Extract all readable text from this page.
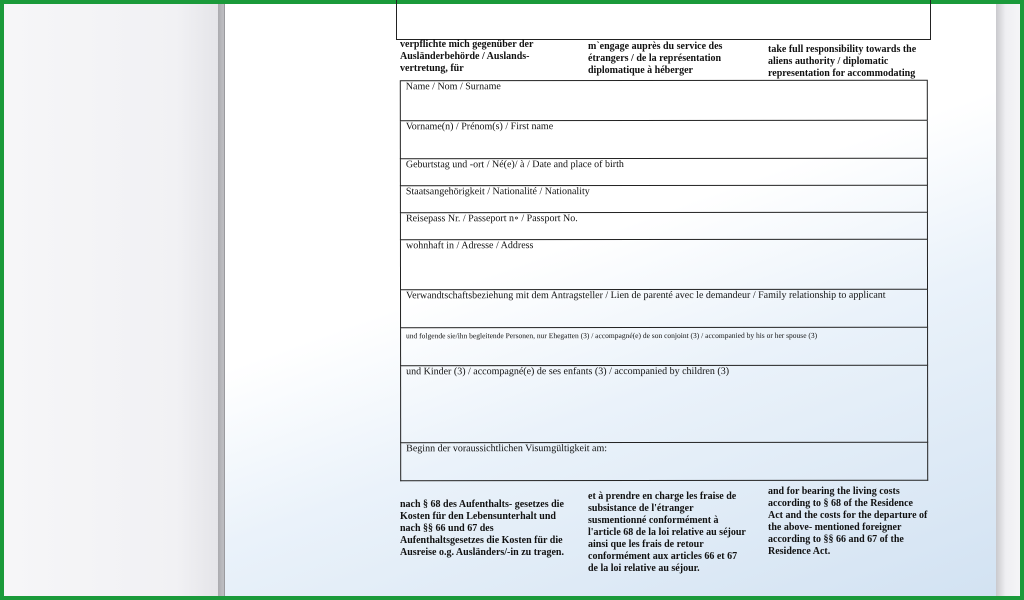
verpflichte mich gegenüber der Ausländerbehörde / Auslands- vertretung, für
m`engage auprès du service des étrangers / de la représentation diplomatique à héberger
take full responsibility towards the aliens authority / diplomatic representation for accommodating
Name / Nom / Surname
Vorname(n) / Prénom(s) / First name
Geburtstag und -ort / Né(e)/ à / Date and place of birth
Staatsangehörigkeit / Nationalité / Nationality
Reisepass Nr. / Passeport n∘ / Passport No.
wohnhaft in / Adresse / Address
Verwandtschaftsbeziehung mit dem Antragsteller / Lien de parenté avec le demandeur / Family relationship to applicant
und folgende sie/ihn begleitende Personen, nur Ehegatten (3) / accompagné(e) de son conjoint (3) / accompanied by his or her spouse (3)
und Kinder (3) / accompagné(e) de ses enfants (3) / accompanied by children (3)
Beginn der voraussichtlichen Visumgültigkeit am:
nach § 68 des Aufenthalts- gesetzes die Kosten für den Lebensunterhalt und nach §§ 66 und 67 des Aufenthaltsgesetzes die Kosten für die Ausreise o.g. Ausländers/-in zu tragen.
et à prendre en charge les fraise de subsistance de l'étranger susmentionné conformément à l'article 68 de la loi relative au séjour ainsi que les frais de retour conformément aux articles 66 et 67 de la loi relative au séjour.
and for bearing the living costs according to § 68 of the Residence Act and the costs for the departure of the above- mentioned foreigner according to §§ 66 and 67 of the Residence Act.
